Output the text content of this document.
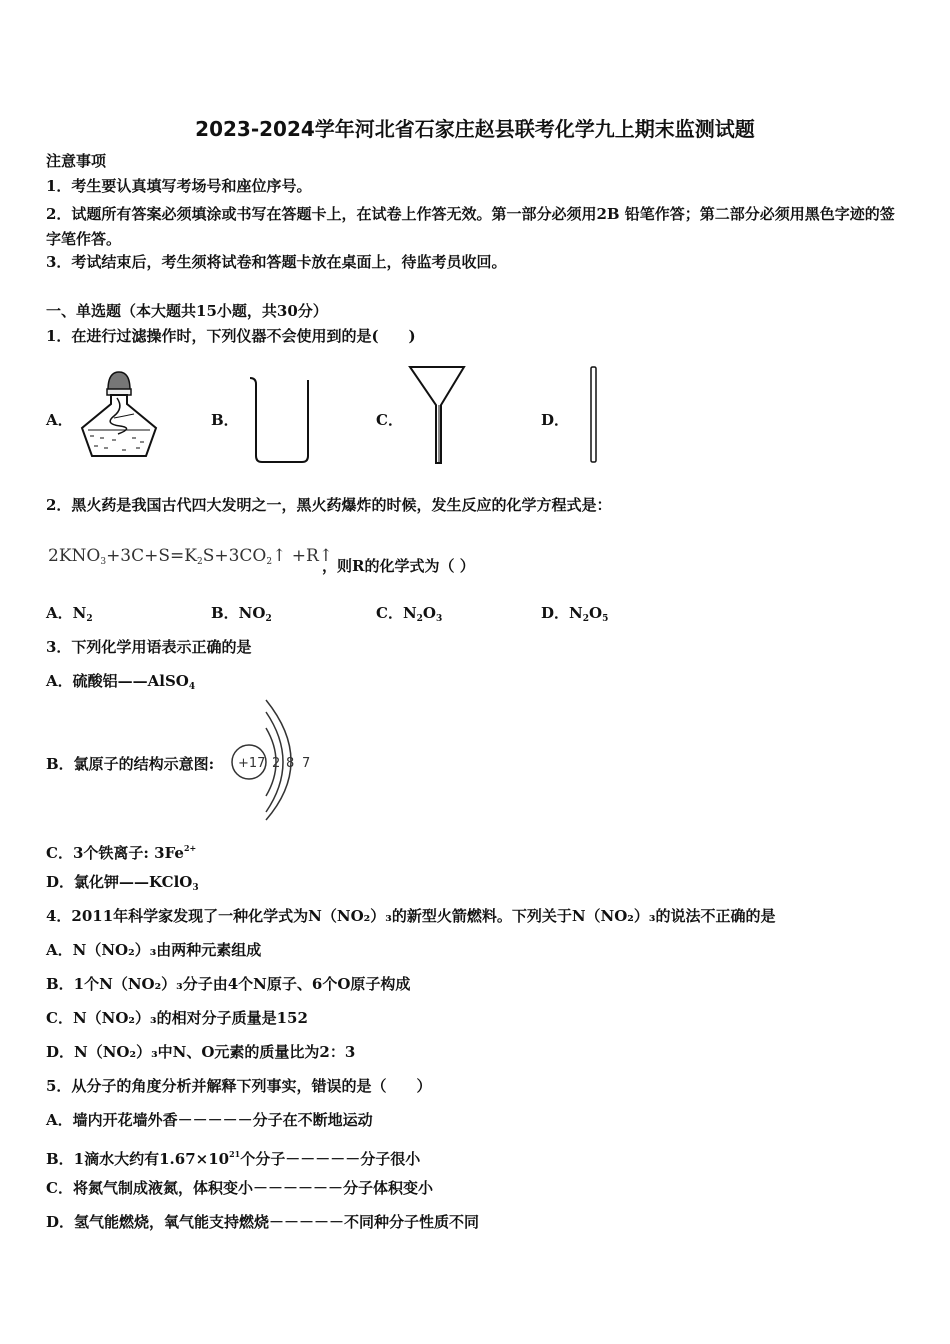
2023-2024学年河北省石家庄赵县联考化学九上期末监测试题
注意事项
1．考生要认真填写考场号和座位序号。
2．试题所有答案必须填涂或书写在答题卡上，在试卷上作答无效。第一部分必须用2B 铅笔作答；第二部分必须用黑色字迹的签字笔作答。
3．考试结束后，考生须将试卷和答题卡放在桌面上，待监考员收回。
一、单选题（本大题共15小题，共30分）
1．在进行过滤操作时，下列仪器不会使用到的是(　　)
A．	B．	C．	D．
2．黑火药是我国古代四大发明之一，黑火药爆炸的时候，发生反应的化学方程式是：
$2KNO_3+3C+S=K_2S+3CO_2↑$ +R↑
，则R的化学式为（ ）
A．$N_2$	B．$NO_2$	C．$N_2O_3$	D．$N_2O_5$
3．下列化学用语表示正确的是
A．硫酸铝——AlSO$_4$
B．氯原子的结构示意图: +17 2 8 7
C．3个铁离子: $3Fe^{2+}$
D．氯化钾——KClO$_3$
4．2011年科学家发现了一种化学式为N（NO₂）₃的新型火箭燃料。下列关于N（NO₂）₃的说法不正确的是
A．N（NO₂）₃由两种元素组成
B．1个N（NO₂）₃分子由4个N原子、6个O原子构成
C．N（NO₂）₃的相对分子质量是152
D．N（NO₂）₃中N、O元素的质量比为2：3
5．从分子的角度分析并解释下列事实，错误的是（　　）
A．墙内开花墙外香－－－－－分子在不断地运动
B．1滴水大约有$1.67\times 10^{21}$个分子－－－－－分子很小
C．将氮气制成液氮，体积变小－－－－－－分子体积变小
D．氢气能燃烧，氧气能支持燃烧－－－－－不同种分子性质不同
